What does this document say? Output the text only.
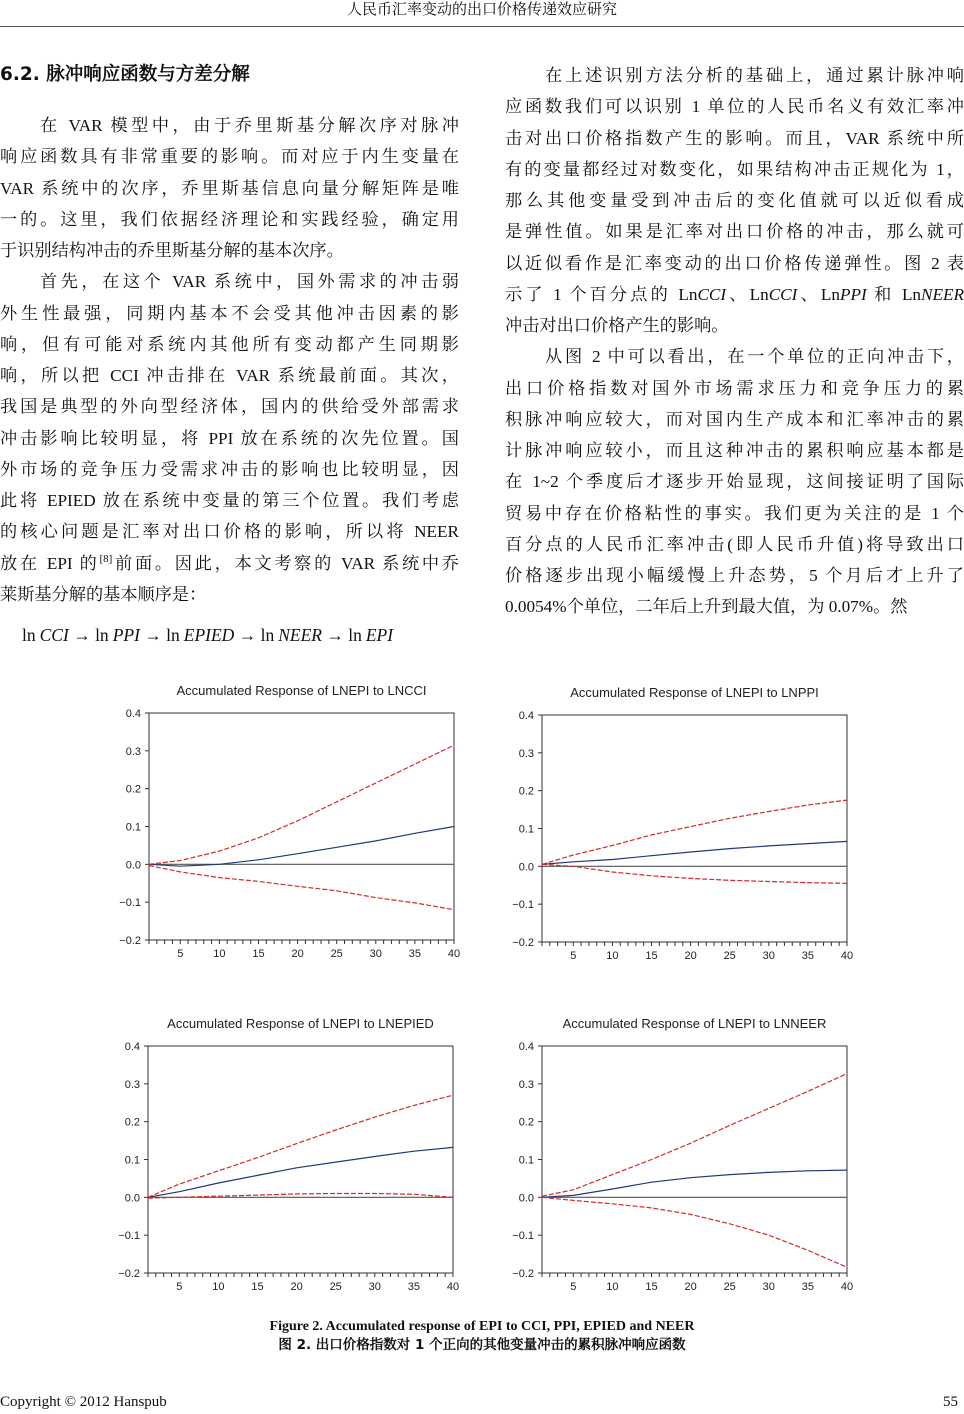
人民币汇率变动的出口价格传递效应研究
6.2. 脉冲响应函数与方差分解
在 VAR 模型中，由于乔里斯基分解次序对脉冲
响应函数具有非常重要的影响。而对应于内生变量在
VAR 系统中的次序，乔里斯基信息向量分解矩阵是唯
一的。这里，我们依据经济理论和实践经验，确定用
于识别结构冲击的乔里斯基分解的基本次序。
首先，在这个 VAR 系统中，国外需求的冲击弱
外生性最强，同期内基本不会受其他冲击因素的影
响，但有可能对系统内其他所有变动都产生同期影
响，所以把 CCI 冲击排在 VAR 系统最前面。其次，
我国是典型的外向型经济体，国内的供给受外部需求
冲击影响比较明显，将 PPI 放在系统的次先位置。国
外市场的竞争压力受需求冲击的影响也比较明显，因
此将 EPIED 放在系统中变量的第三个位置。我们考虑
的核心问题是汇率对出口价格的影响，所以将 NEER
放在 EPI 的[8]前面。因此，本文考察的 VAR 系统中乔
莱斯基分解的基本顺序是：
ln CCI → ln PPI → ln EPIED → ln NEER → ln EPI
在上述识别方法分析的基础上，通过累计脉冲响
应函数我们可以识别 1 单位的人民币名义有效汇率冲
击对出口价格指数产生的影响。而且，VAR 系统中所
有的变量都经过对数变化，如果结构冲击正规化为 1，
那么其他变量受到冲击后的变化值就可以近似看成
是弹性值。如果是汇率对出口价格的冲击，那么就可
以近似看作是汇率变动的出口价格传递弹性。图 2 表
示了 1 个百分点的 LnCCI、LnCCI、LnPPI 和 LnNEER
冲击对出口价格产生的影响。
从图 2 中可以看出，在一个单位的正向冲击下，
出口价格指数对国外市场需求压力和竞争压力的累
积脉冲响应较大，而对国内生产成本和汇率冲击的累
计脉冲响应较小，而且这种冲击的累积响应基本都是
在 1~2 个季度后才逐步开始显现，这间接证明了国际
贸易中存在价格粘性的事实。我们更为关注的是 1 个
百分点的人民币汇率冲击(即人民币升值)将导致出口
价格逐步出现小幅缓慢上升态势，5 个月后才上升了
0.0054%个单位，二年后上升到最大值，为 0.07%。然
Accumulated Response of LNEPI to LNCCI
0.4
0.3
0.2
0.1
0.0
−0.1
−0.2
5	10 15 20 25 30 35 40
Accumulated Response of LNEPI to LNPPI
0.4
0.3
0.2
0.1
0.0
−0.1
−0.2
5	10 15 20 25 30 35 40
Accumulated Response of LNEPI to LNEPIED
0.4
0.3
0.2
0.1
0.0
−0.1
−0.2
5	10 15 20 25 30 35 40
Accumulated Response of LNEPI to LNNEER
0.4
0.3
0.2
0.1
0.0
−0.1
−0.2
5	10 15 20 25 30 35 40
Figure 2. Accumulated response of EPI to CCI, PPI, EPIED and NEER
图 2. 出口价格指数对 1 个正向的其他变量冲击的累积脉冲响应函数
Copyright © 2012 Hanspub	55
